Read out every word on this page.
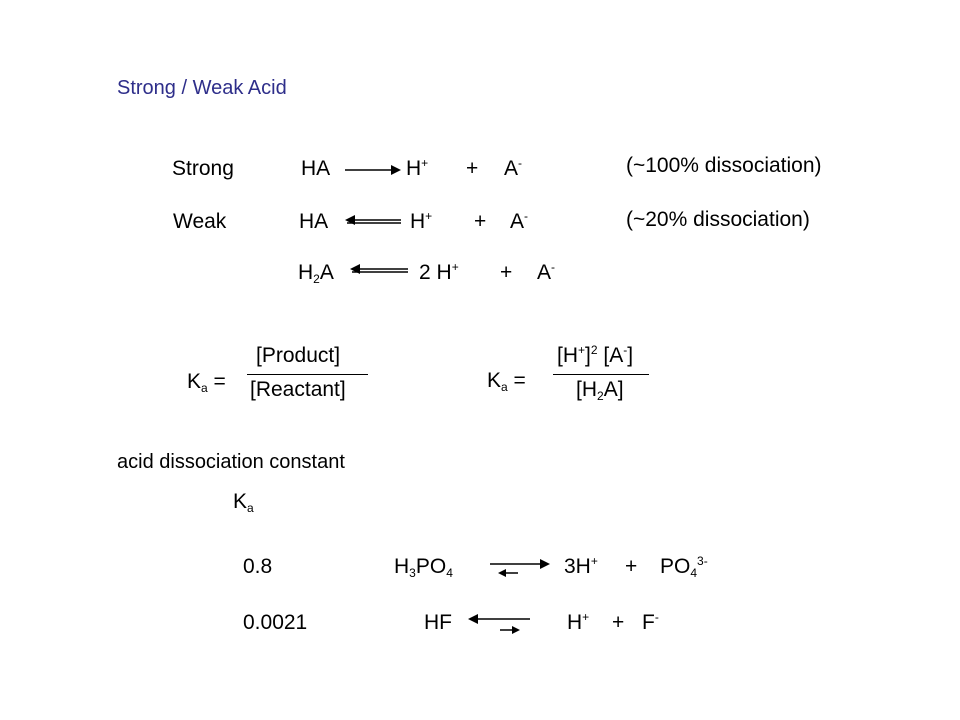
Strong / Weak Acid
Strong	HA	H+ + A-	(~100% dissociation)
Weak	HA	H+ + A-	(~20% dissociation)
$H_2A$	2 H+ + A-
$K_a$ =
[Product]
[Reactant]	$K_a$ =
$[H^+]^2$ [A-]
$[H_2A]$
acid dissociation constant
$K_a$
0.8	$H_3PO_4$	$3H^+ + PO_4^{3-}$
0.0021	HF	H+ + F-
